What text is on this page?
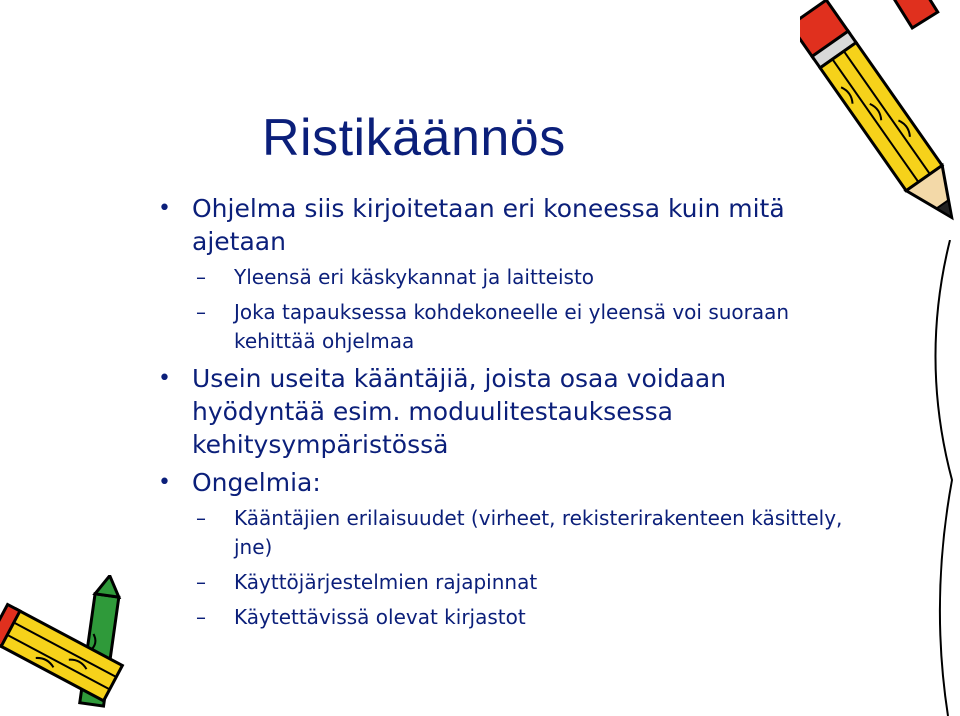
Ristikäännös
• Ohjelma siis kirjoitetaan eri koneessa kuin mitä ajetaan
– Yleensä eri käskykannat ja laitteisto
– Joka tapauksessa kohdekoneelle ei yleensä voi suoraan kehittää ohjelmaa
• Usein useita kääntäjiä, joista osaa voidaan hyödyntää esim. moduulitestauksessa kehitysympäristössä
• Ongelmia:
– Kääntäjien erilaisuudet (virheet, rekisterirakenteen käsittely, jne)
– Käyttöjärjestelmien rajapinnat
– Käytettävissä olevat kirjastot
